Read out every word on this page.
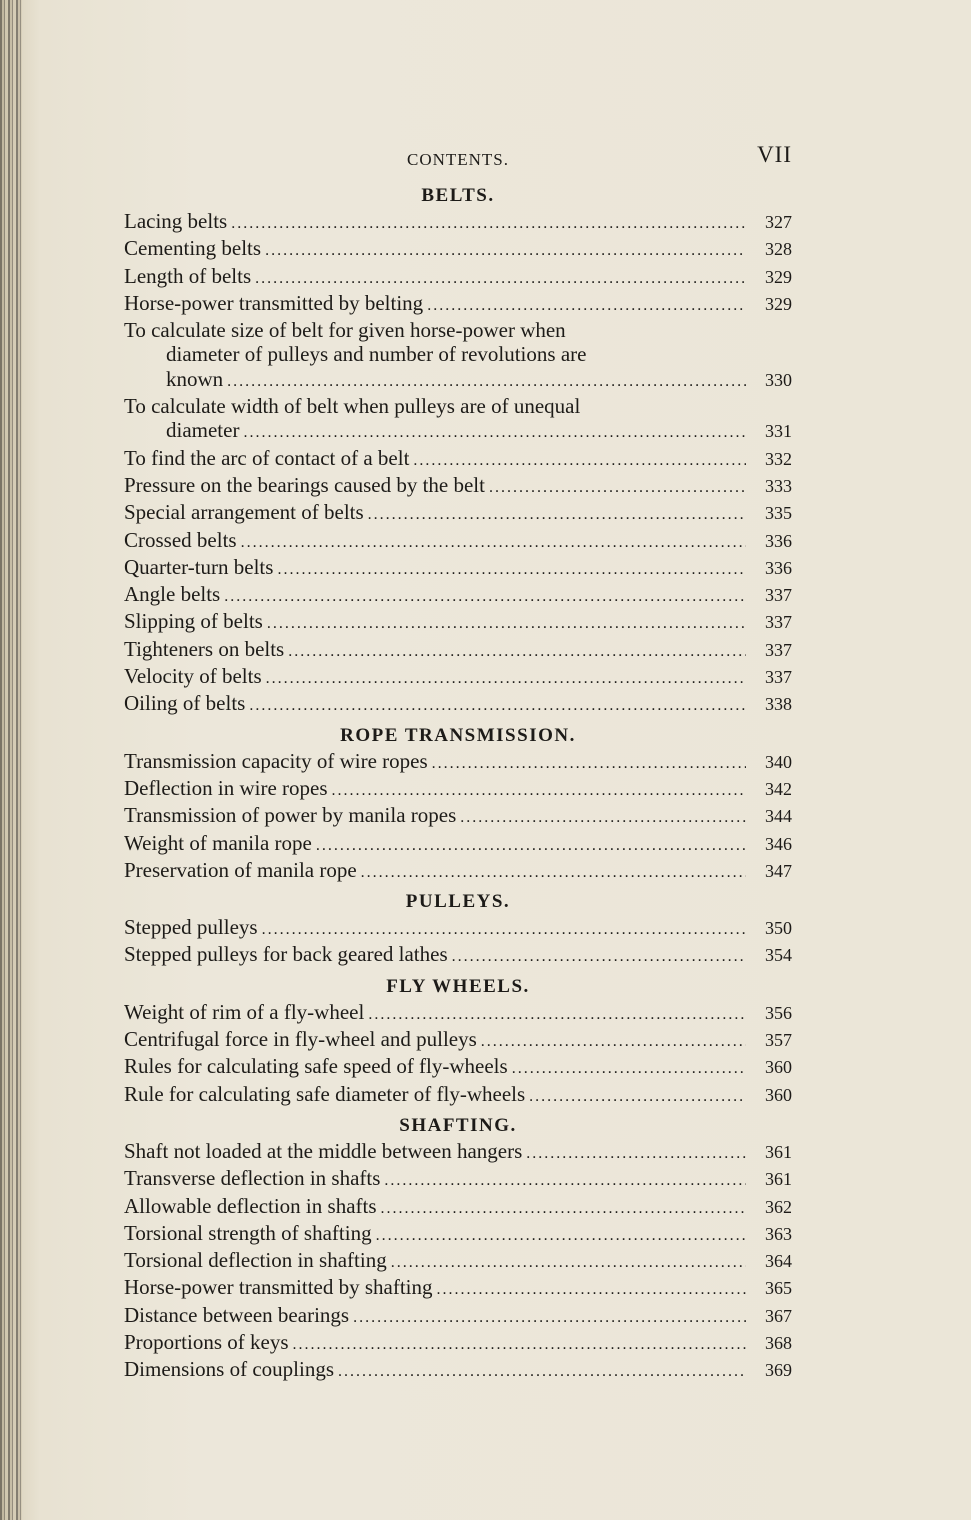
CONTENTS.	VII
BELTS.
Lacing belts .....	327
Cementing belts .....	328
Length of belts .....	329
Horse-power transmitted by belting .....	329
To calculate size of belt for given horse-power when
diameter of pulleys and number of revolutions are
known .....	330
To calculate width of belt when pulleys are of unequal
diameter .....	331
To find the arc of contact of a belt .....	332
Pressure on the bearings caused by the belt .....	333
Special arrangement of belts .....	335
Crossed belts .....	336
Quarter-turn belts .....	336
Angle belts .....	337
Slipping of belts .....	337
Tighteners on belts .....	337
Velocity of belts .....	337
Oiling of belts .....	338
ROPE TRANSMISSION.
Transmission capacity of wire ropes .....	340
Deflection in wire ropes .....	342
Transmission of power by manila ropes .....	344
Weight of manila rope .....	346
Preservation of manila rope .....	347
PULLEYS.
Stepped pulleys .....	350
Stepped pulleys for back geared lathes .....	354
FLY WHEELS.
Weight of rim of a fly-wheel .....	356
Centrifugal force in fly-wheel and pulleys .....	357
Rules for calculating safe speed of fly-wheels .....	360
Rule for calculating safe diameter of fly-wheels .....	360
SHAFTING.
Shaft not loaded at the middle between hangers .....	361
Transverse deflection in shafts .....	361
Allowable deflection in shafts .....	362
Torsional strength of shafting .....	363
Torsional deflection in shafting .....	364
Horse-power transmitted by shafting .....	365
Distance between bearings .....	367
Proportions of keys .....	368
Dimensions of couplings .....	369
